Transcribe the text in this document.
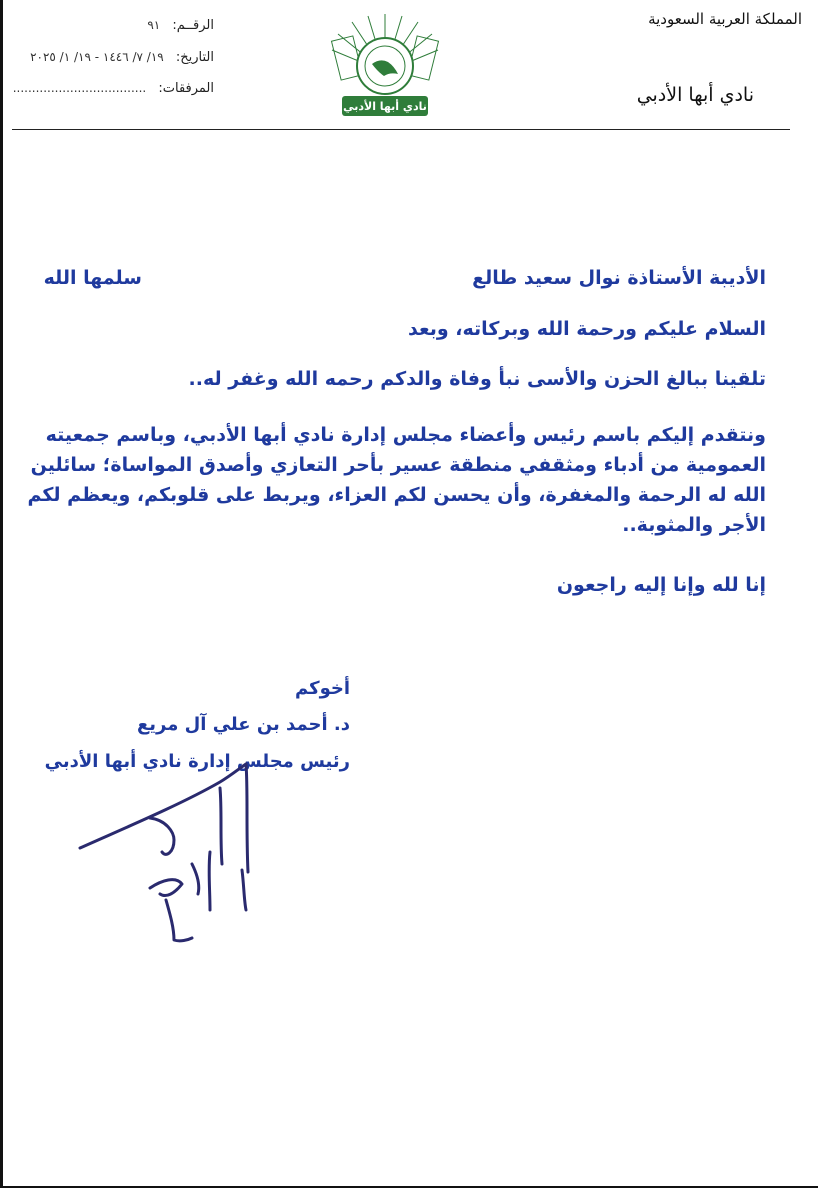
المملكة العربية السعودية
نادي أبها الأدبي
الرقــم: ٩١
التاريخ: ١٩/ ٧/ ١٤٤٦ - ١٩/ ١/ ٢٠٢٥
المرفقات: ...................................
نادي أبها الأدبي
الأديبة الأستاذة نوال سعيد طالع
سلمها الله
السلام عليكم ورحمة الله وبركاته، وبعد
تلقينا ببالغ الحزن والأسى نبأ وفاة والدكم رحمه الله وغفر له..
ونتقدم إليكم باسم رئيس وأعضاء مجلس إدارة نادي أبها الأدبي، وباسم جمعيته
العمومية من أدباء ومثقفي منطقة عسير بأحر التعازي وأصدق المواساة؛ سائلين
الله له الرحمة والمغفرة، وأن يحسن لكم العزاء، ويربط على قلوبكم، ويعظم لكم
الأجر والمثوبة..
إنا لله وإنا إليه راجعون
أخوكم
د. أحمد بن علي آل مريع
رئيس مجلس إدارة نادي أبها الأدبي
